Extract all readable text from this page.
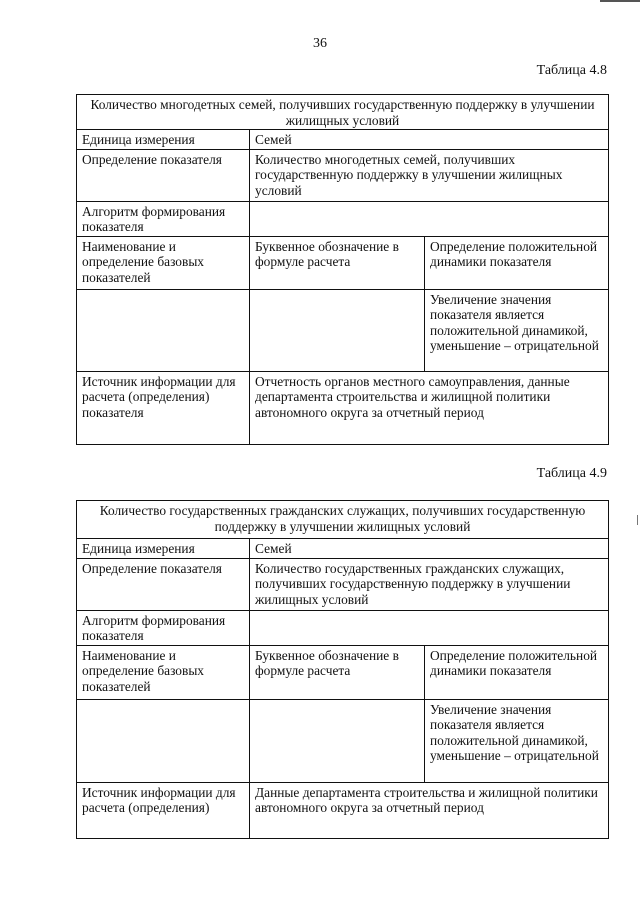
36
Таблица 4.8
Количество многодетных семей, получивших государственную поддержку в улучшении жилищных условий		
Единица измерения	Семей	
Определение показателя	Количество многодетных семей, получивших государственную поддержку в улучшении жилищных условий	
Алгоритм формирования показателя		
Наименование и определение базовых показателей	Буквенное обозначение в формуле расчета	Определение положительной динамики показателя
		Увеличение значения показателя является положительной динамикой, уменьшение – отрицательной
Источник информации для расчета (определения) показателя	Отчетность органов местного самоуправления, данные департамента строительства и жилищной политики автономного округа за отчетный период	
Таблица 4.9
Количество государственных гражданских служащих, получивших государственную поддержку в улучшении жилищных условий		
Единица измерения	Семей	
Определение показателя	Количество государственных гражданских служащих, получивших государственную поддержку в улучшении жилищных условий	
Алгоритм формирования показателя		
Наименование и определение базовых показателей	Буквенное обозначение в формуле расчета	Определение положительной динамики показателя
		Увеличение значения показателя является положительной динамикой, уменьшение – отрицательной
Источник информации для расчета (определения)	Данные департамента строительства и жилищной политики автономного округа за отчетный период	
